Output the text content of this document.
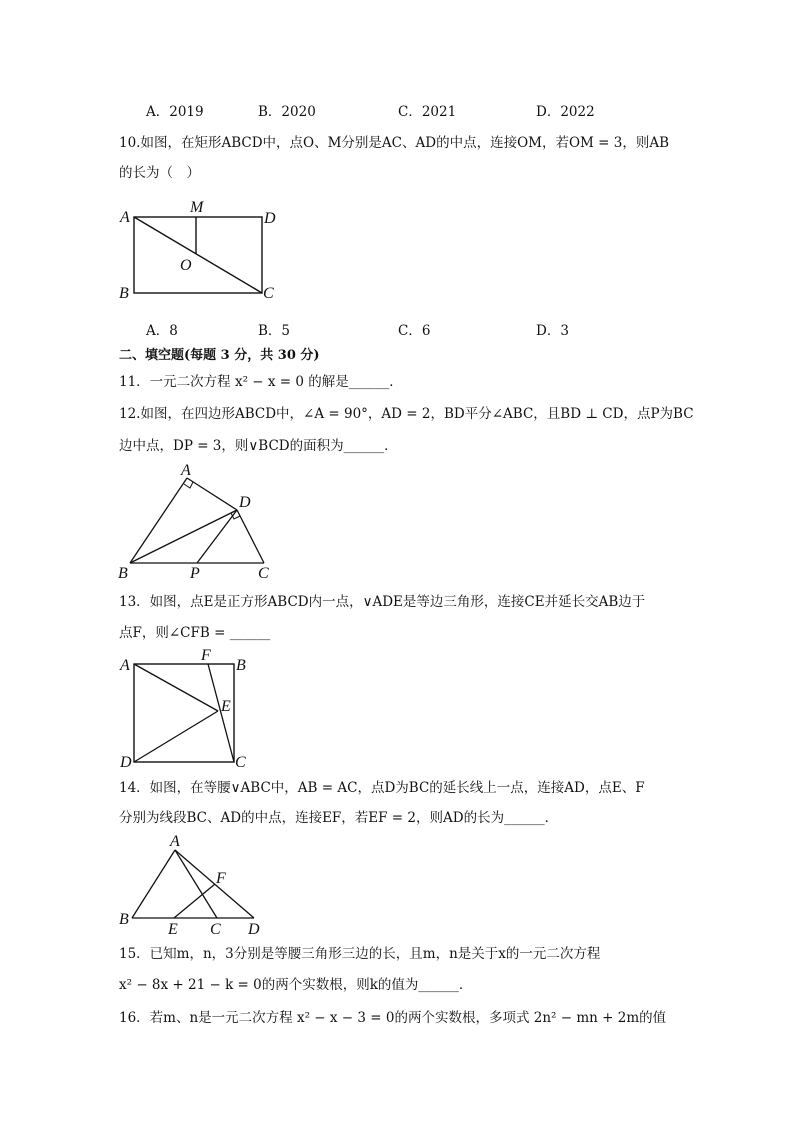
A．2019	B．2020	C．2021	D．2022
10.如图，在矩形ABCD中，点O、M分别是AC、AD的中点，连接OM，若OM = 3，则AB
的长为（　）
A
M
D
O
B	C
A．8	B．5	C．6	D．3
二、填空题(每题 3 分，共 30 分)
11．一元二次方程 x² − x = 0 的解是______．
12.如图，在四边形ABCD中，∠A = 90°，AD = 2，BD平分∠ABC，且BD ⊥ CD，点P为BC
边中点，DP = 3，则∨BCD的面积为______．
A
D
B	P	C
13．如图，点E是正方形ABCD内一点，∨ADE是等边三角形，连接CE并延长交AB边于
点F，则∠CFB = ______
A
F
B
E
D	C
14．如图，在等腰∨ABC中，AB = AC，点D为BC的延长线上一点，连接AD，点E、F
分别为线段BC、AD的中点，连接EF，若EF = 2，则AD的长为______．
A
F
B
E C D
15．已知m，n，3分别是等腰三角形三边的长，且m，n是关于x的一元二次方程
x² − 8x + 21 − k = 0的两个实数根，则k的值为______．
16．若m、n是一元二次方程 x² − x − 3 = 0的两个实数根，多项式 2n² − mn + 2m的值
